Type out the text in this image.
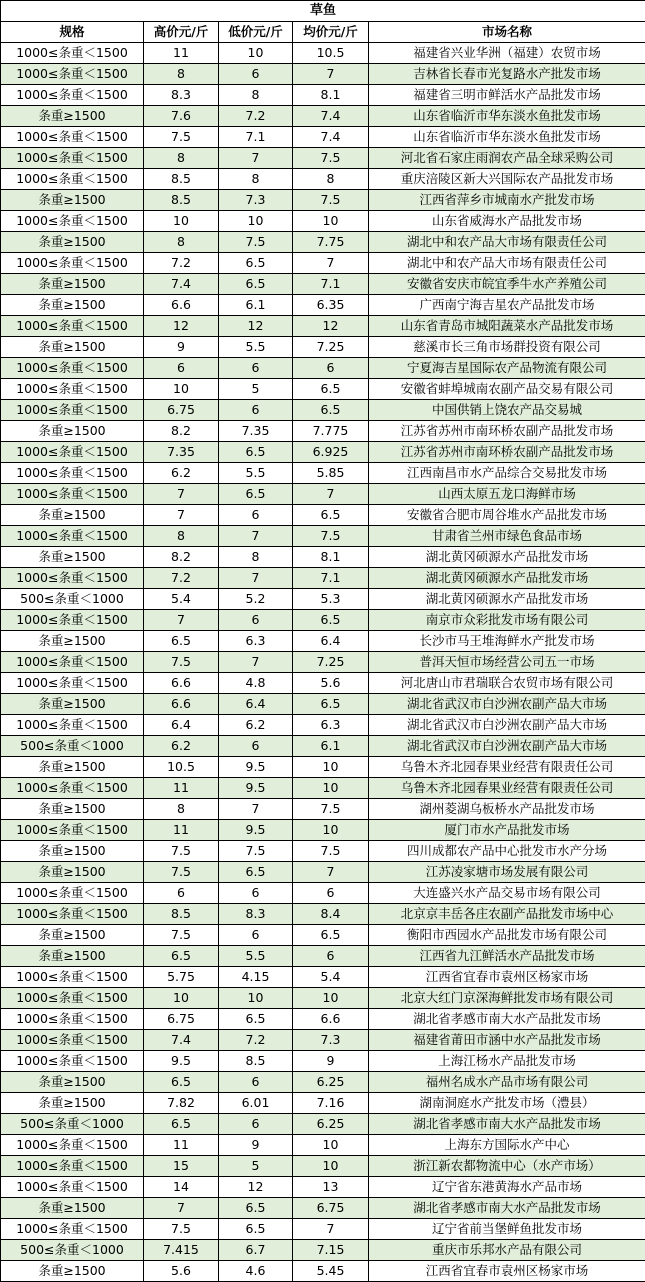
草鱼				
规格	高价元/斤	低价元/斤	均价元/斤	市场名称
1000≤条重＜1500	11	10	10.5	福建省兴业华洲（福建）农贸市场
1000≤条重＜1500	8	6	7	吉林省长春市光复路水产批发市场
1000≤条重＜1500	8.3	8	8.1	福建省三明市鲜活水产品批发市场
条重≥1500	7.6	7.2	7.4	山东省临沂市华东淡水鱼批发市场
1000≤条重＜1500	7.5	7.1	7.4	山东省临沂市华东淡水鱼批发市场
1000≤条重＜1500	8	7	7.5	河北省石家庄雨润农产品全球采购公司
1000≤条重＜1500	8.5	8	8	重庆涪陵区新大兴国际农产品批发市场
条重≥1500	8.5	7.3	7.5	江西省萍乡市城南水产批发市场
1000≤条重＜1500	10	10	10	山东省威海水产品批发市场
条重≥1500	8	7.5	7.75	湖北中和农产品大市场有限责任公司
1000≤条重＜1500	7.2	6.5	7	湖北中和农产品大市场有限责任公司
条重≥1500	7.4	6.5	7.1	安徽省安庆市皖宜季牛水产养殖公司
条重≥1500	6.6	6.1	6.35	广西南宁海吉星农产品批发市场
1000≤条重＜1500	12	12	12	山东省青岛市城阳蔬菜水产品批发市场
条重≥1500	9	5.5	7.25	慈溪市长三角市场群投资有限公司
1000≤条重＜1500	6	6	6	宁夏海吉星国际农产品物流有限公司
1000≤条重＜1500	10	5	6.5	安徽省蚌埠城南农副产品交易有限公司
1000≤条重＜1500	6.75	6	6.5	中国供销上饶农产品交易城
条重≥1500	8.2	7.35	7.775	江苏省苏州市南环桥农副产品批发市场
1000≤条重＜1500	7.35	6.5	6.925	江苏省苏州市南环桥农副产品批发市场
1000≤条重＜1500	6.2	5.5	5.85	江西南昌市水产品综合交易批发市场
1000≤条重＜1500	7	6.5	7	山西太原五龙口海鲜市场
条重≥1500	7	6	6.5	安徽省合肥市周谷堆水产品批发市场
1000≤条重＜1500	8	7	7.5	甘肃省兰州市绿色食品市场
条重≥1500	8.2	8	8.1	湖北黄冈硕源水产品批发市场
1000≤条重＜1500	7.2	7	7.1	湖北黄冈硕源水产品批发市场
500≤条重＜1000	5.4	5.2	5.3	湖北黄冈硕源水产品批发市场
1000≤条重＜1500	7	6	6.5	南京市众彩批发市场有限公司
条重≥1500	6.5	6.3	6.4	长沙市马王堆海鲜水产批发市场
1000≤条重＜1500	7.5	7	7.25	普洱天恒市场经营公司五一市场
1000≤条重＜1500	6.6	4.8	5.6	河北唐山市君瑞联合农贸市场有限公司
条重≥1500	6.6	6.4	6.5	湖北省武汉市白沙洲农副产品大市场
1000≤条重＜1500	6.4	6.2	6.3	湖北省武汉市白沙洲农副产品大市场
500≤条重＜1000	6.2	6	6.1	湖北省武汉市白沙洲农副产品大市场
条重≥1500	10.5	9.5	10	乌鲁木齐北园春果业经营有限责任公司
1000≤条重＜1500	11	9.5	10	乌鲁木齐北园春果业经营有限责任公司
条重≥1500	8	7	7.5	湖州菱湖乌板桥水产品批发市场
1000≤条重＜1500	11	9.5	10	厦门市水产品批发市场
条重≥1500	7.5	7.5	7.5	四川成都农产品中心批发市水产分场
条重≥1500	7.5	6.5	7	江苏凌家塘市场发展有限公司
1000≤条重＜1500	6	6	6	大连盛兴水产品交易市场有限公司
1000≤条重＜1500	8.5	8.3	8.4	北京京丰岳各庄农副产品批发市场中心
条重≥1500	7.5	6	6.5	衡阳市西园水产品批发市场有限公司
条重≥1500	6.5	5.5	6	江西省九江鲜活水产品批发市场
1000≤条重＜1500	5.75	4.15	5.4	江西省宜春市袁州区杨家市场
1000≤条重＜1500	10	10	10	北京大红门京深海鲜批发市场有限公司
1000≤条重＜1500	6.75	6.5	6.6	湖北省孝感市南大水产品批发市场
1000≤条重＜1500	7.4	7.2	7.3	福建省莆田市涵中水产品批发市场
1000≤条重＜1500	9.5	8.5	9	上海江杨水产品批发市场
条重≥1500	6.5	6	6.25	福州名成水产品市场有限公司
条重≥1500	7.82	6.01	7.16	湖南洞庭水产批发市场（澧县）
500≤条重＜1000	6.5	6	6.25	湖北省孝感市南大水产品批发市场
1000≤条重＜1500	11	9	10	上海东方国际水产中心
1000≤条重＜1500	15	5	10	浙江新农都物流中心（水产市场）
1000≤条重＜1500	14	12	13	辽宁省东港黄海水产品市场
条重≥1500	7	6.5	6.75	湖北省孝感市南大水产品批发市场
1000≤条重＜1500	7.5	6.5	7	辽宁省前当堡鲜鱼批发市场
500≤条重＜1000	7.415	6.7	7.15	重庆市乐邦水产品有限公司
条重≥1500	5.6	4.6	5.45	江西省宜春市袁州区杨家市场
